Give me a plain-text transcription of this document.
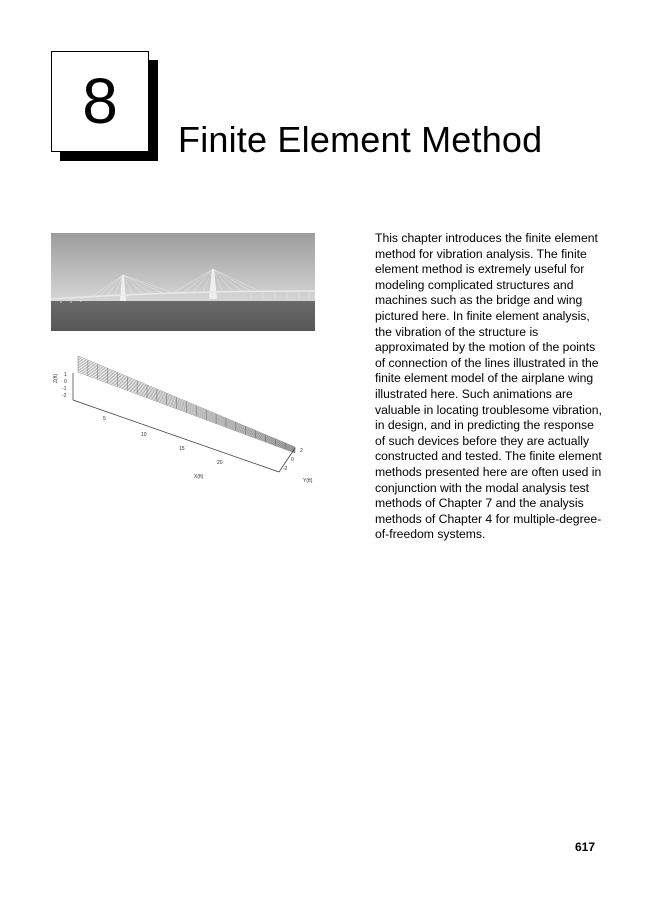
8
Finite Element Method
Z(ft) 1
0
-1
-2
5
10
15
20
X(ft)
-2
0
2
Y(ft)

This chapter introduces the finite element method for vibration analysis. The finite element method is extremely useful for modeling complicated structures and machines such as the bridge and wing pictured here. In finite element analysis, the vibration of the structure is approximated by the motion of the points of connection of the lines illustrated in the finite element model of the airplane wing illustrated here. Such animations are valuable in locating troublesome vibration, in design, and in predicting the response of such devices before they are actually constructed and tested. The finite element methods presented here are often used in conjunction with the modal analysis test methods of Chapter 7 and the analysis methods of Chapter 4 for multiple-degree-of-freedom systems.

617
